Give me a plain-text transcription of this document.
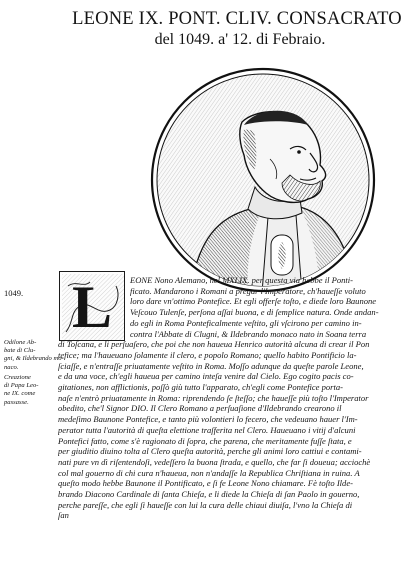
LEONE IX. PONT. CLIV. CONSACRATO
del 1049. a' 12. di Febraio.
1049.
Odilone Ab-
bate di Clu-
gni, & Ildebrando mo-
naco.
Creazione
di Papa Leo-
ne IX. come
passasse.
L	EONE Nono Alemano, nel MXLIX. per questa via hebbe il Ponti-
ficato. Mandarono i Romani a pregar l'Imperatore, ch'haueſſe voluto
loro dare vn'ottimo Pontefice. Et egli offerſe toſto, e diede loro Baunone
Veſcouo Tulenſe, perſona aſſai buona, e di ſemplice natura. Onde andan-
do egli in Roma Ponteficalmente veſtito, gli vſcirono per camino in-
contra l'Abbate di Clugni, & Ildebrando monaco nato in Soana terra
di Toſcana, e li perſuaſero, che poi che non haueua Henrico autorità alcuna di crear il Pon
tefice; ma l'haueuano ſolamente il clero, e popolo Romano; quello habito Pontificio la-
ſciaſſe, e n'entraſſe priuatamente veſtito in Roma. Moſſo adunque da queſte parole Leone,
e da una voce, ch'egli haueua per camino inteſa venire dal Cielo. Ego cogito pacis co-
gitationes, non afflictionis, poſſò giù tutto l'apparato, ch'egli come Pontefice porta-
naſe n'entrò priuatamente in Roma: riprendendo ſe ſteſſo; che haueſſe più toſto l'Imperator
obedito, che'l Signor DIO. Il Clero Romano a perſuaſione d'Ildebrando crearono il
medeſimo Baunone Pontefice, e tanto più volontieri lo fecero, che vedeuano hauer l'Im-
perator tutta l'autorità di queſta elettione traſferita nel Clero. Haueuano i vitij d'alcuni
Pontefici fatto, come s'è ragionato di ſopra, che parena, che meritamente fuſſe ſtata, e
per giuditio diuino tolta al Clero queſta autorità, perche gli animi loro cattiui e contami-
nati pure vn dì riſentendoſi, vedeſſero la buona ſtrada, e quello, che far ſi doueua; acciochè
col mal gouerno di chi cura n'haueua, non n'andaſſe la Republica Chriſtiana in ruina. A
queſto modo hebbe Baunone il Pontificato, e ſi fe Leone Nono chiamare. Fè toſto Ilde-
brando Diacono Cardinale di ſanta Chieſa, e li diede la Chieſa di ſan Paolo in gouerno,
perche pareſſe, che egli ſi haueſſe con lui la cura delle chiaui diuiſa, l'vno la Chieſa di
ſan
